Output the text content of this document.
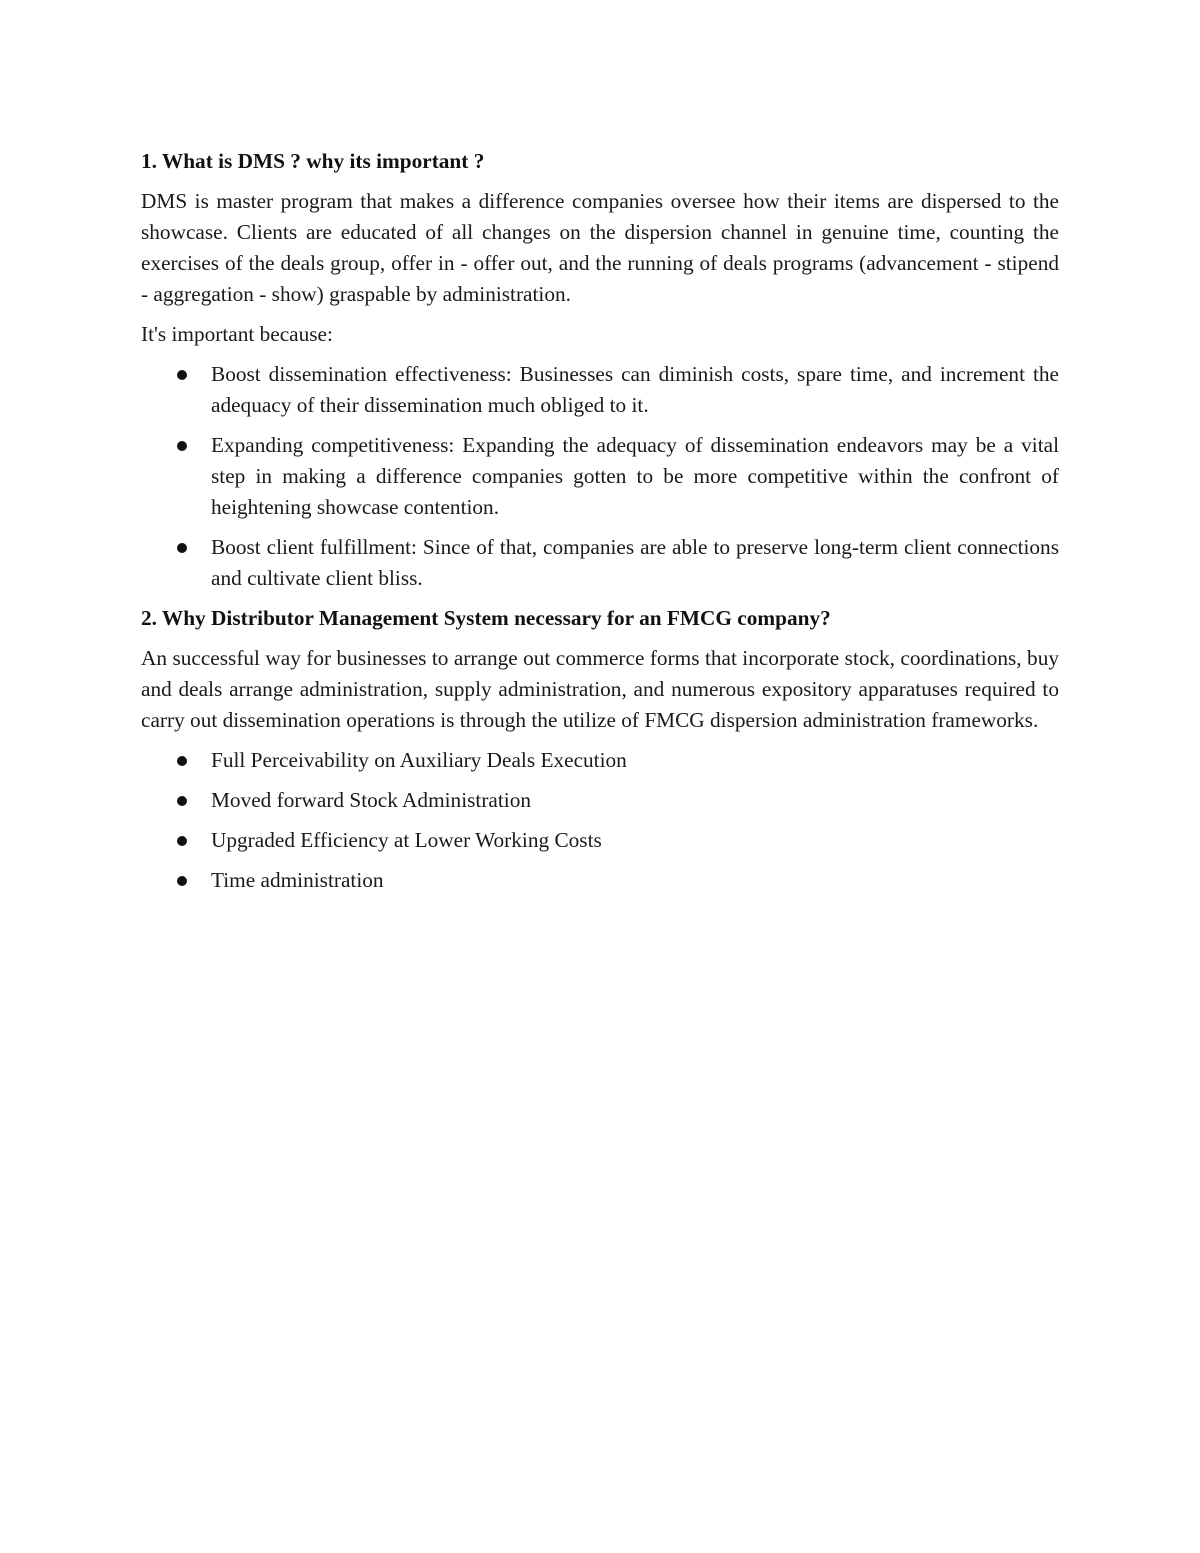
1. What is DMS ? why its important ?
DMS is master program that makes a difference companies oversee how their items are dispersed to the showcase. Clients are educated of all changes on the dispersion channel in genuine time, counting the exercises of the deals group, offer in - offer out, and the running of deals programs (advancement - stipend - aggregation - show) graspable by administration.
It's important because:
Boost dissemination effectiveness: Businesses can diminish costs, spare time, and increment the adequacy of their dissemination much obliged to it.
Expanding competitiveness: Expanding the adequacy of dissemination endeavors may be a vital step in making a difference companies gotten to be more competitive within the confront of heightening showcase contention.
Boost client fulfillment: Since of that, companies are able to preserve long-term client connections and cultivate client bliss.
2. Why Distributor Management System necessary for an FMCG company?
An successful way for businesses to arrange out commerce forms that incorporate stock, coordinations, buy and deals arrange administration, supply administration, and numerous expository apparatuses required to carry out dissemination operations is through the utilize of FMCG dispersion administration frameworks.
Full Perceivability on Auxiliary Deals Execution
Moved forward Stock Administration
Upgraded Efficiency at Lower Working Costs
Time administration
